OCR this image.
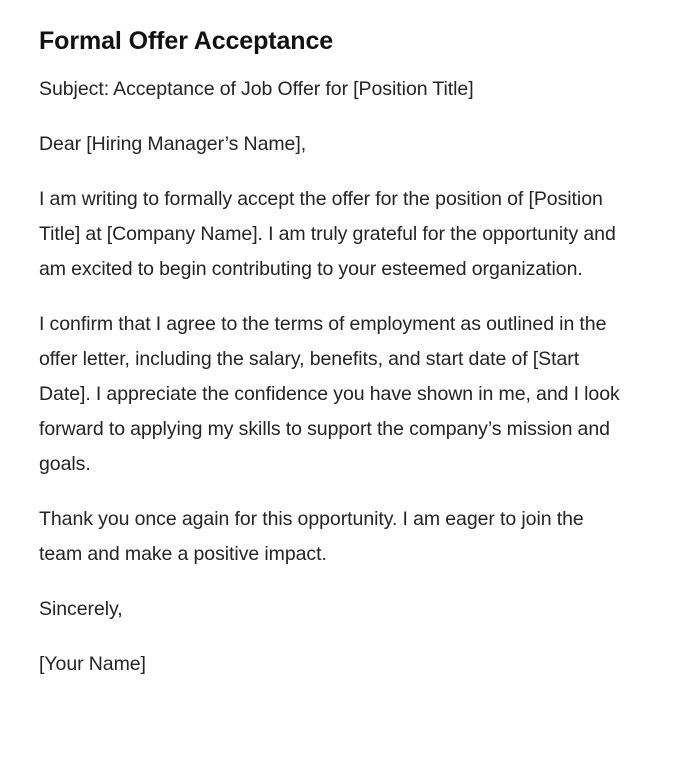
Formal Offer Acceptance

Subject: Acceptance of Job Offer for [Position Title]

Dear [Hiring Manager’s Name],

I am writing to formally accept the offer for the position of [Position Title] at [Company Name]. I am truly grateful for the opportunity and am excited to begin contributing to your esteemed organization.

I confirm that I agree to the terms of employment as outlined in the offer letter, including the salary, benefits, and start date of [Start Date]. I appreciate the confidence you have shown in me, and I look forward to applying my skills to support the company’s mission and goals.

Thank you once again for this opportunity. I am eager to join the team and make a positive impact.

Sincerely,

[Your Name]
